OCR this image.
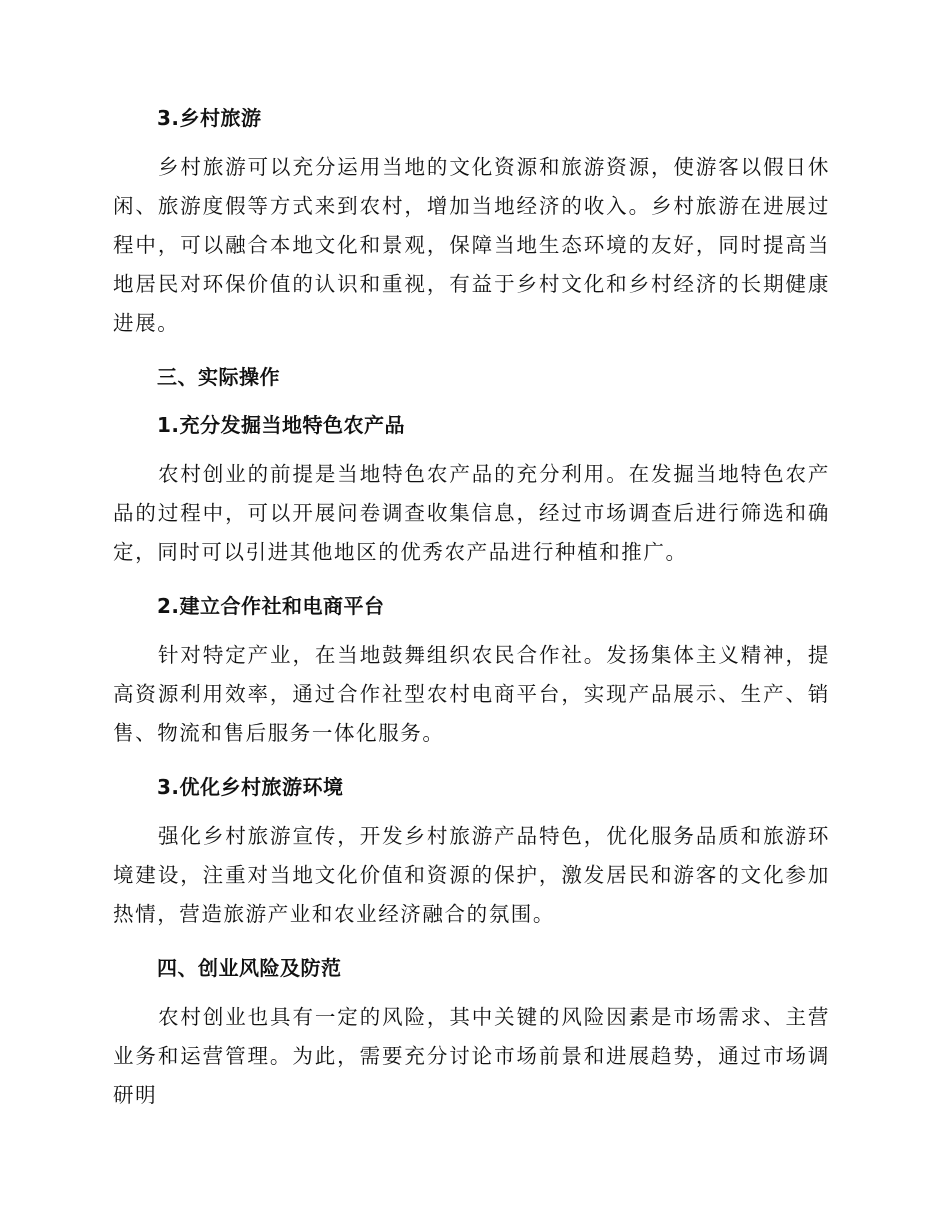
3.乡村旅游

乡村旅游可以充分运用当地的文化资源和旅游资源，使游客以假日休闲、旅游度假等方式来到农村，增加当地经济的收入。乡村旅游在进展过程中，可以融合本地文化和景观，保障当地生态环境的友好，同时提高当地居民对环保价值的认识和重视，有益于乡村文化和乡村经济的长期健康进展。

三、实际操作
1.充分发掘当地特色农产品

农村创业的前提是当地特色农产品的充分利用。在发掘当地特色农产品的过程中，可以开展问卷调查收集信息，经过市场调查后进行筛选和确定，同时可以引进其他地区的优秀农产品进行种植和推广。

2.建立合作社和电商平台

针对特定产业，在当地鼓舞组织农民合作社。发扬集体主义精神，提高资源利用效率，通过合作社型农村电商平台，实现产品展示、生产、销售、物流和售后服务一体化服务。

3.优化乡村旅游环境

强化乡村旅游宣传，开发乡村旅游产品特色，优化服务品质和旅游环境建设，注重对当地文化价值和资源的保护，激发居民和游客的文化参加热情，营造旅游产业和农业经济融合的氛围。

四、创业风险及防范

农村创业也具有一定的风险，其中关键的风险因素是市场需求、主营业务和运营管理。为此，需要充分讨论市场前景和进展趋势，通过市场调研明
